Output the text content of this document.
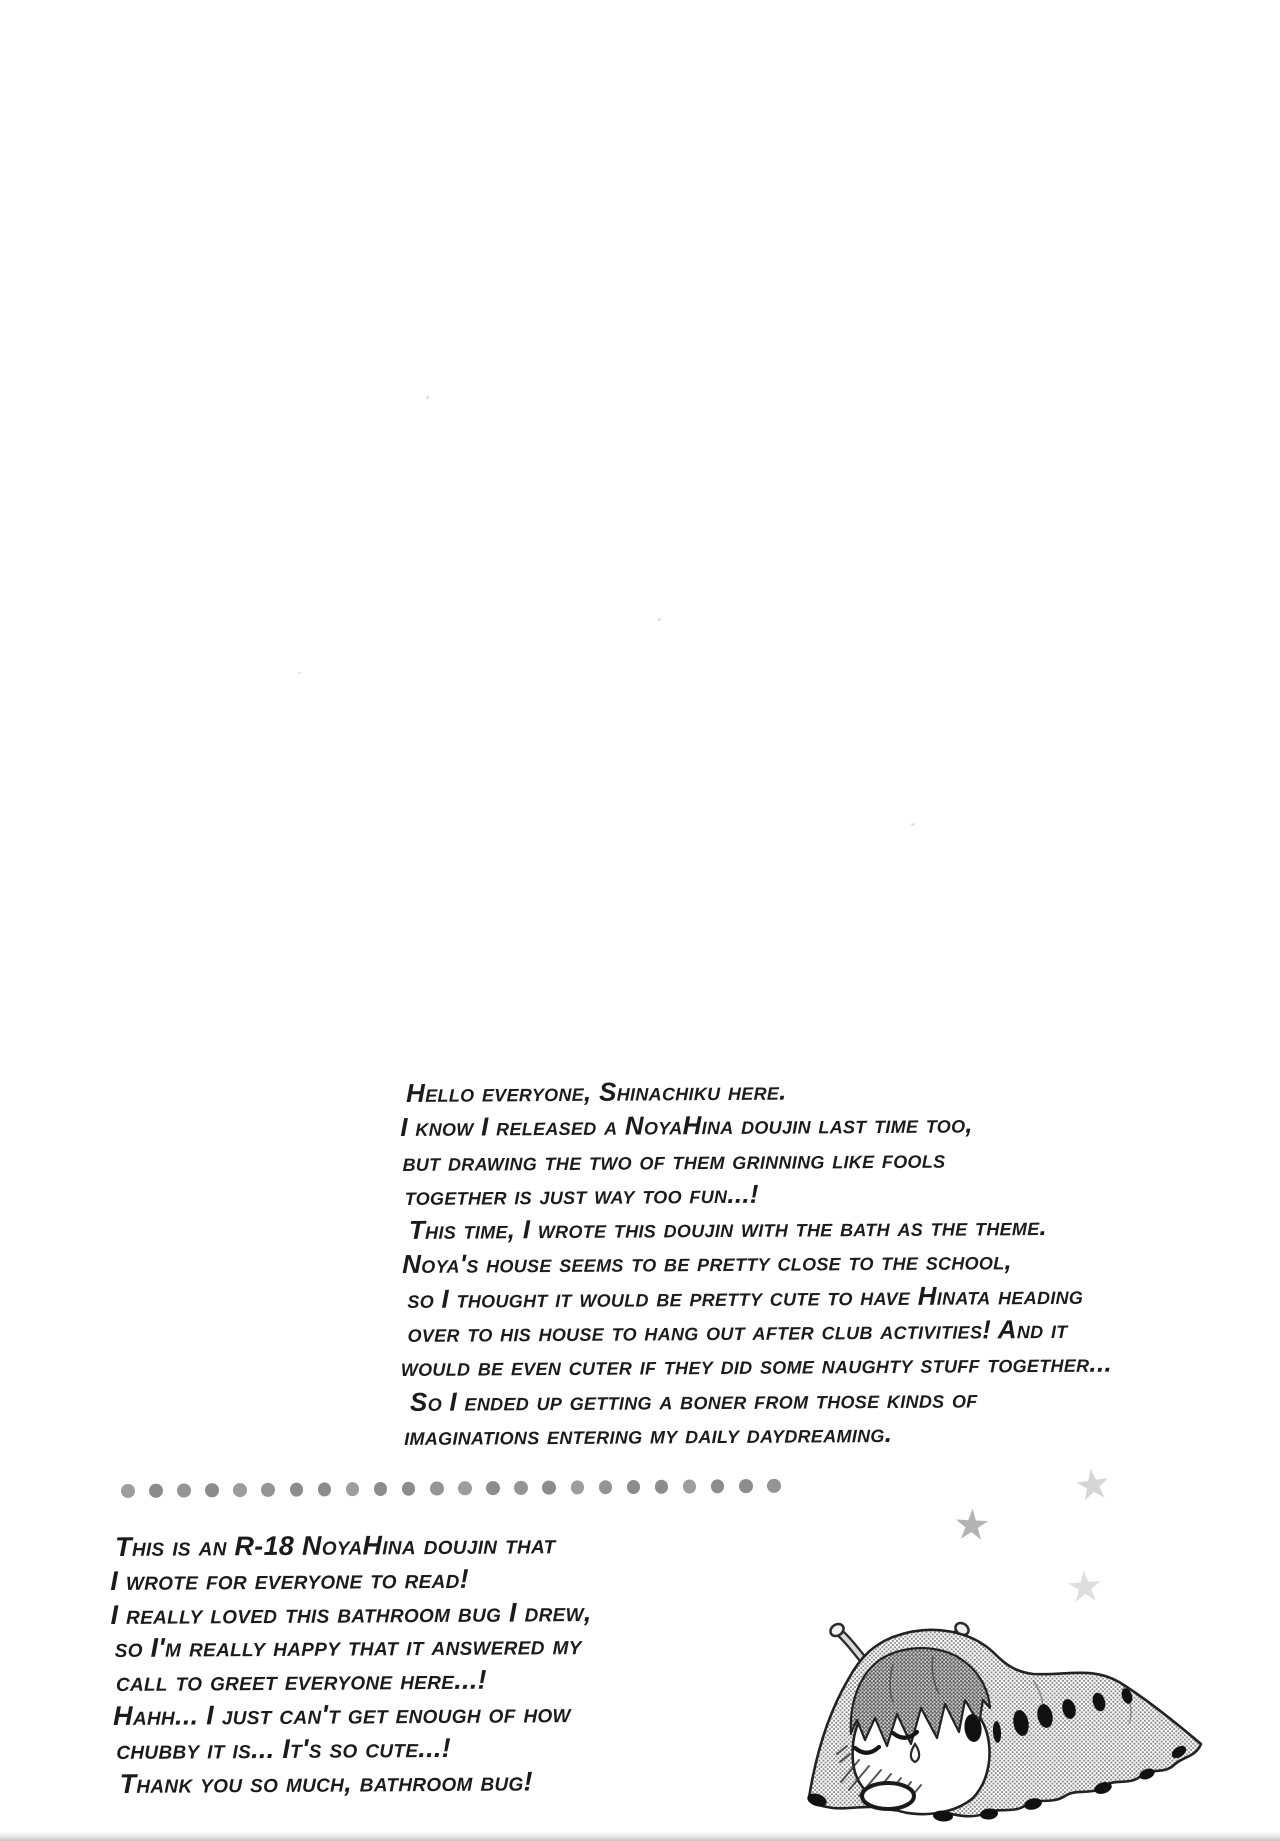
Hello everyone, Shinachiku here.
I know I released a NoyaHina doujin last time too,
but drawing the two of them grinning like fools
together is just way too fun...!
This time, I wrote this doujin with the bath as the theme.
Noya's house seems to be pretty close to the school,
so I thought it would be pretty cute to have Hinata heading
over to his house to hang out after club activities! And it
would be even cuter if they did some naughty stuff together...
So I ended up getting a boner from those kinds of
imaginations entering my daily daydreaming.
★
★
★
This is an R-18 NoyaHina doujin that
I wrote for everyone to read!
I really loved this bathroom bug I drew,
so I'm really happy that it answered my
call to greet everyone here...!
Hahh... I just can't get enough of how
chubby it is... It's so cute...!
Thank you so much, bathroom bug!
